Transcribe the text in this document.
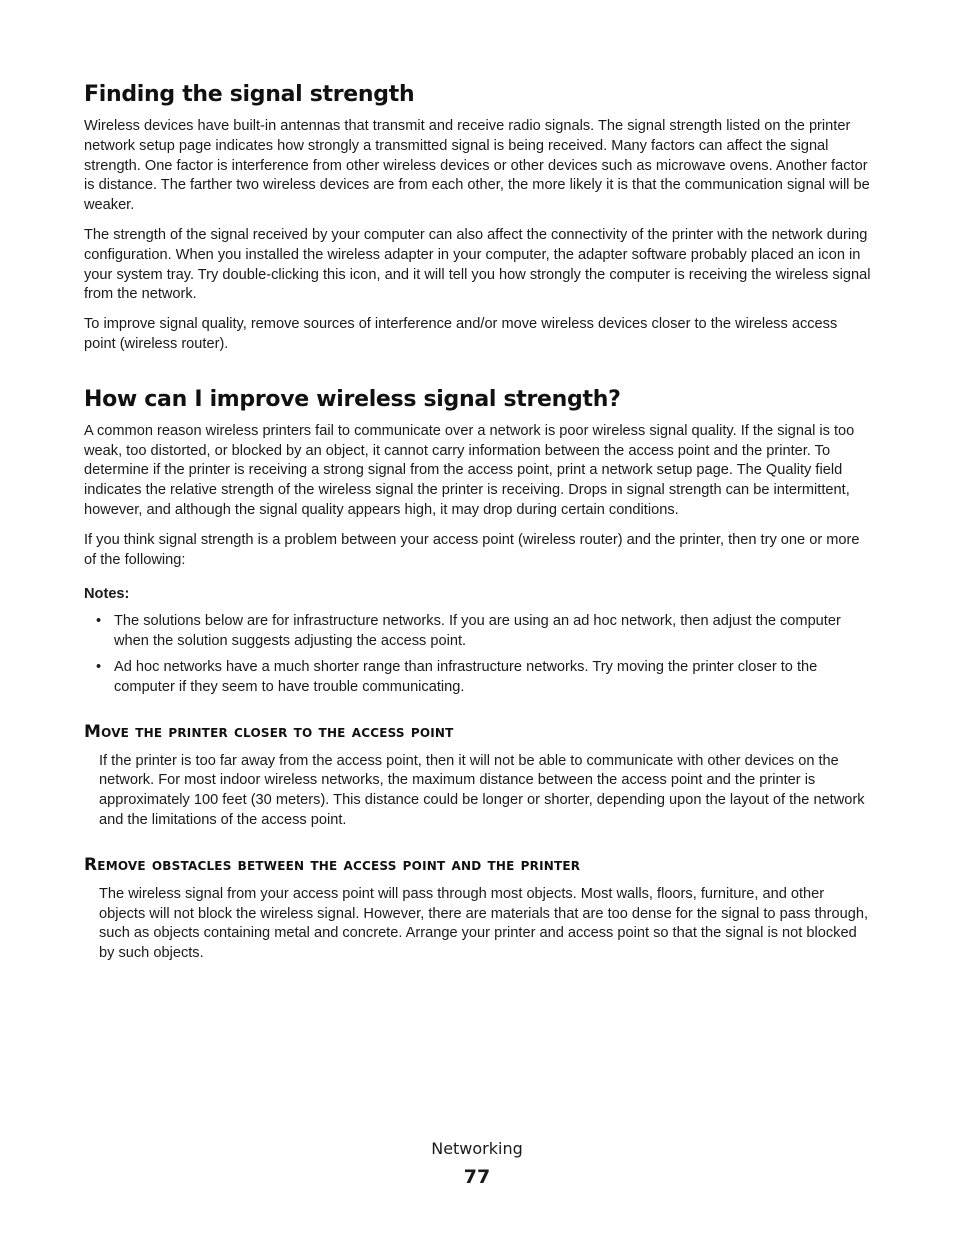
Finding the signal strength

Wireless devices have built-in antennas that transmit and receive radio signals. The signal strength listed on the printer network setup page indicates how strongly a transmitted signal is being received. Many factors can affect the signal strength. One factor is interference from other wireless devices or other devices such as microwave ovens. Another factor is distance. The farther two wireless devices are from each other, the more likely it is that the communication signal will be weaker.

The strength of the signal received by your computer can also affect the connectivity of the printer with the network during configuration. When you installed the wireless adapter in your computer, the adapter software probably placed an icon in your system tray. Try double-clicking this icon, and it will tell you how strongly the computer is receiving the wireless signal from the network.

To improve signal quality, remove sources of interference and/or move wireless devices closer to the wireless access point (wireless router).

How can I improve wireless signal strength?

A common reason wireless printers fail to communicate over a network is poor wireless signal quality. If the signal is too weak, too distorted, or blocked by an object, it cannot carry information between the access point and the printer. To determine if the printer is receiving a strong signal from the access point, print a network setup page. The Quality field indicates the relative strength of the wireless signal the printer is receiving. Drops in signal strength can be intermittent, however, and although the signal quality appears high, it may drop during certain conditions.

If you think signal strength is a problem between your access point (wireless router) and the printer, then try one or more of the following:

Notes:
• The solutions below are for infrastructure networks. If you are using an ad hoc network, then adjust the computer when the solution suggests adjusting the access point.
• Ad hoc networks have a much shorter range than infrastructure networks. Try moving the printer closer to the computer if they seem to have trouble communicating.
Move the printer closer to the access point

If the printer is too far away from the access point, then it will not be able to communicate with other devices on the network. For most indoor wireless networks, the maximum distance between the access point and the printer is approximately 100 feet (30 meters). This distance could be longer or shorter, depending upon the layout of the network and the limitations of the access point.

Remove obstacles between the access point and the printer

The wireless signal from your access point will pass through most objects. Most walls, floors, furniture, and other objects will not block the wireless signal. However, there are materials that are too dense for the signal to pass through, such as objects containing metal and concrete. Arrange your printer and access point so that the signal is not blocked by such objects.

Networking
77
